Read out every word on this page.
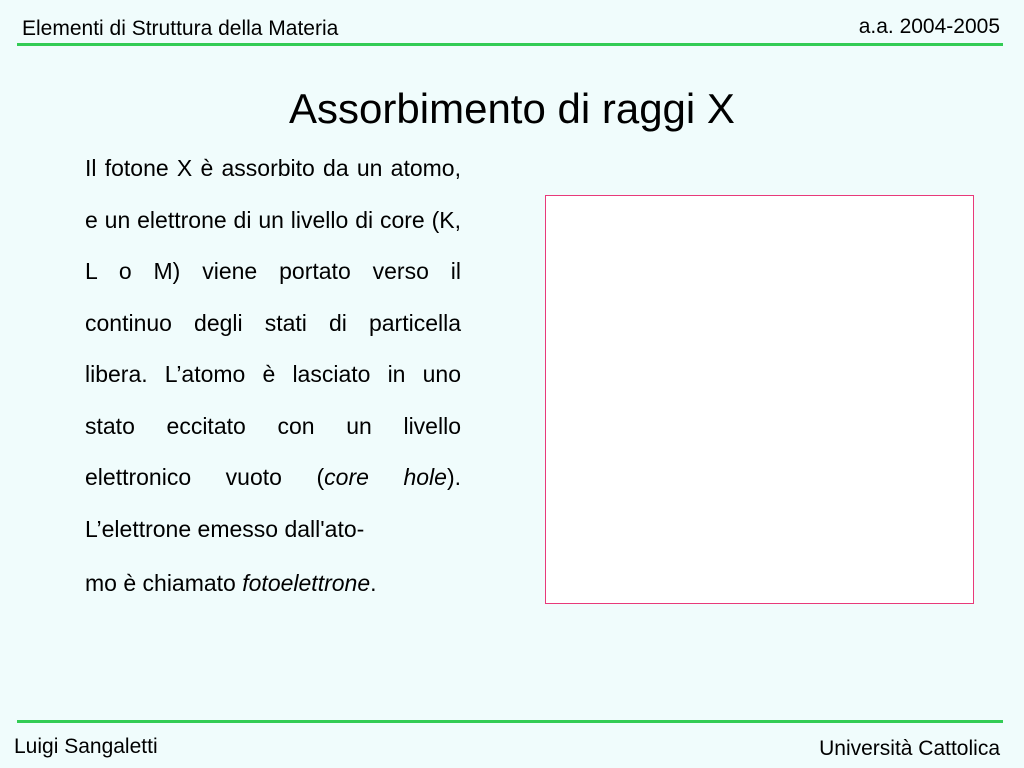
Elementi di Struttura della Materia	a.a. 2004-2005
Assorbimento di raggi X

Il fotone X è assorbito da un atomo, e un elettrone di un livello di core (K, L o M) viene portato verso il continuo degli stati di particella libera. L’atomo è lasciato in uno stato eccitato con un livello elettronico vuoto (core hole). L’elettrone emesso dall'ato-
mo è chiamato fotoelettrone.

Luigi Sangaletti	Università Cattolica
